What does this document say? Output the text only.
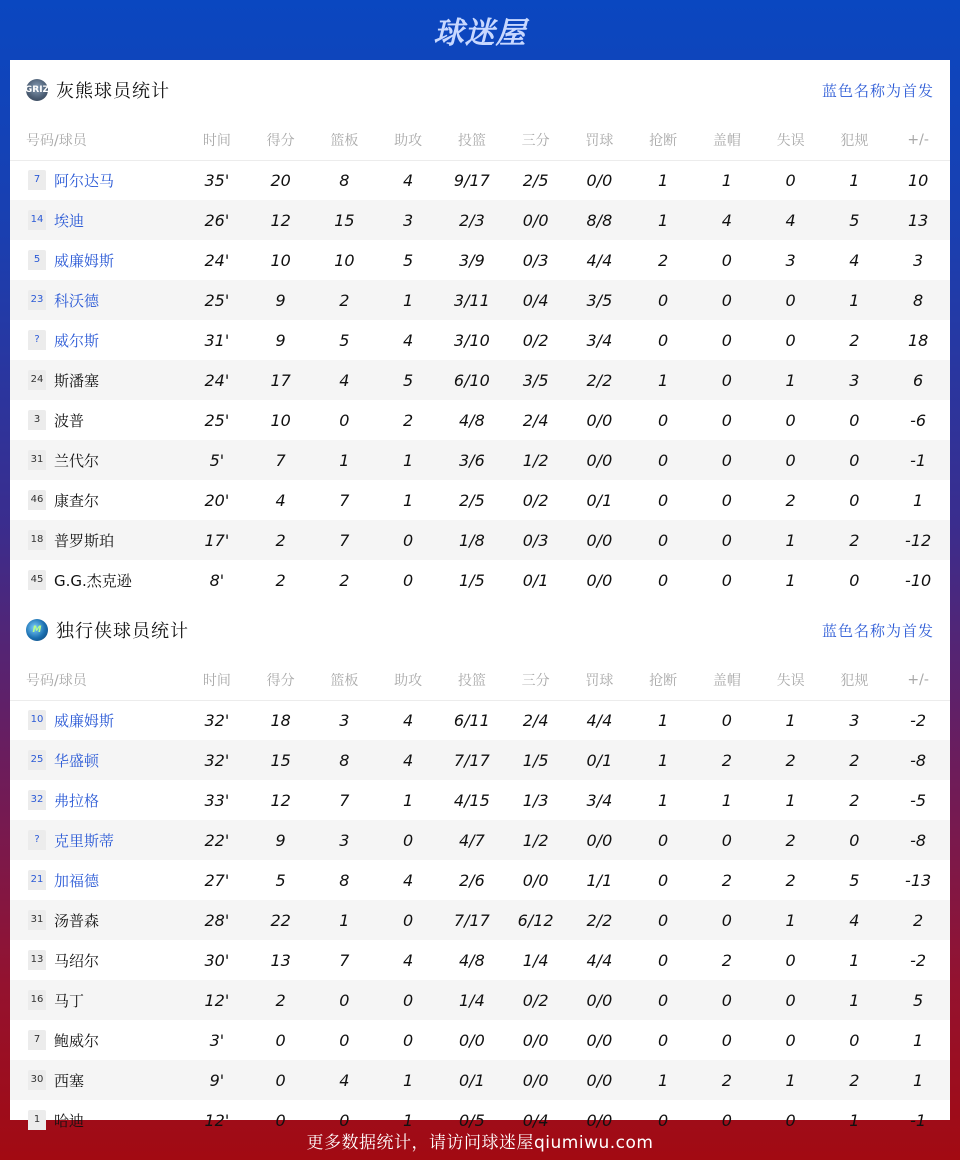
球迷屋
GRIZ 灰熊球员统计	蓝色名称为首发
号码/球员	时间	得分	篮板	助攻	投篮	三分	罚球	抢断	盖帽	失误	犯规	+/-
7 阿尔达马	35'	20	8	4	9/17	2/5	0/0	1	1	0	1	10
14 埃迪	26'	12	15	3	2/3	0/0	8/8	1	4	4	5	13
5 威廉姆斯	24'	10	10	5	3/9	0/3	4/4	2	0	3	4	3
23 科沃德	25'	9	2	1	3/11	0/4	3/5	0	0	0	1	8
? 威尔斯	31'	9	5	4	3/10	0/2	3/4	0	0	0	2	18
24 斯潘塞	24'	17	4	5	6/10	3/5	2/2	1	0	1	3	6
3 波普	25'	10	0	2	4/8	2/4	0/0	0	0	0	0	-6
31 兰代尔	5'	7	1	1	3/6	1/2	0/0	0	0	0	0	-1
46 康查尔	20'	4	7	1	2/5	0/2	0/1	0	0	2	0	1
18 普罗斯珀	17'	2	7	0	1/8	0/3	0/0	0	0	1	2	-12
45 G.G.杰克逊	8'	2	2	0	1/5	0/1	0/0	0	0	1	0	-10
M 独行侠球员统计	蓝色名称为首发
号码/球员	时间	得分	篮板	助攻	投篮	三分	罚球	抢断	盖帽	失误	犯规	+/-
10 威廉姆斯	32'	18	3	4	6/11	2/4	4/4	1	0	1	3	-2
25 华盛顿	32'	15	8	4	7/17	1/5	0/1	1	2	2	2	-8
32 弗拉格	33'	12	7	1	4/15	1/3	3/4	1	1	1	2	-5
? 克里斯蒂	22'	9	3	0	4/7	1/2	0/0	0	0	2	0	-8
21 加福德	27'	5	8	4	2/6	0/0	1/1	0	2	2	5	-13
31 汤普森	28'	22	1	0	7/17	6/12	2/2	0	0	1	4	2
13 马绍尔	30'	13	7	4	4/8	1/4	4/4	0	2	0	1	-2
16 马丁	12'	2	0	0	1/4	0/2	0/0	0	0	0	1	5
7 鲍威尔	3'	0	0	0	0/0	0/0	0/0	0	0	0	0	1
30 西塞	9'	0	4	1	0/1	0/0	0/0	1	2	1	2	1
1 哈迪	12'	0	0	1	0/5	0/4	0/0	0	0	0	1	-1
更多数据统计，请访问球迷屋qiumiwu.com
